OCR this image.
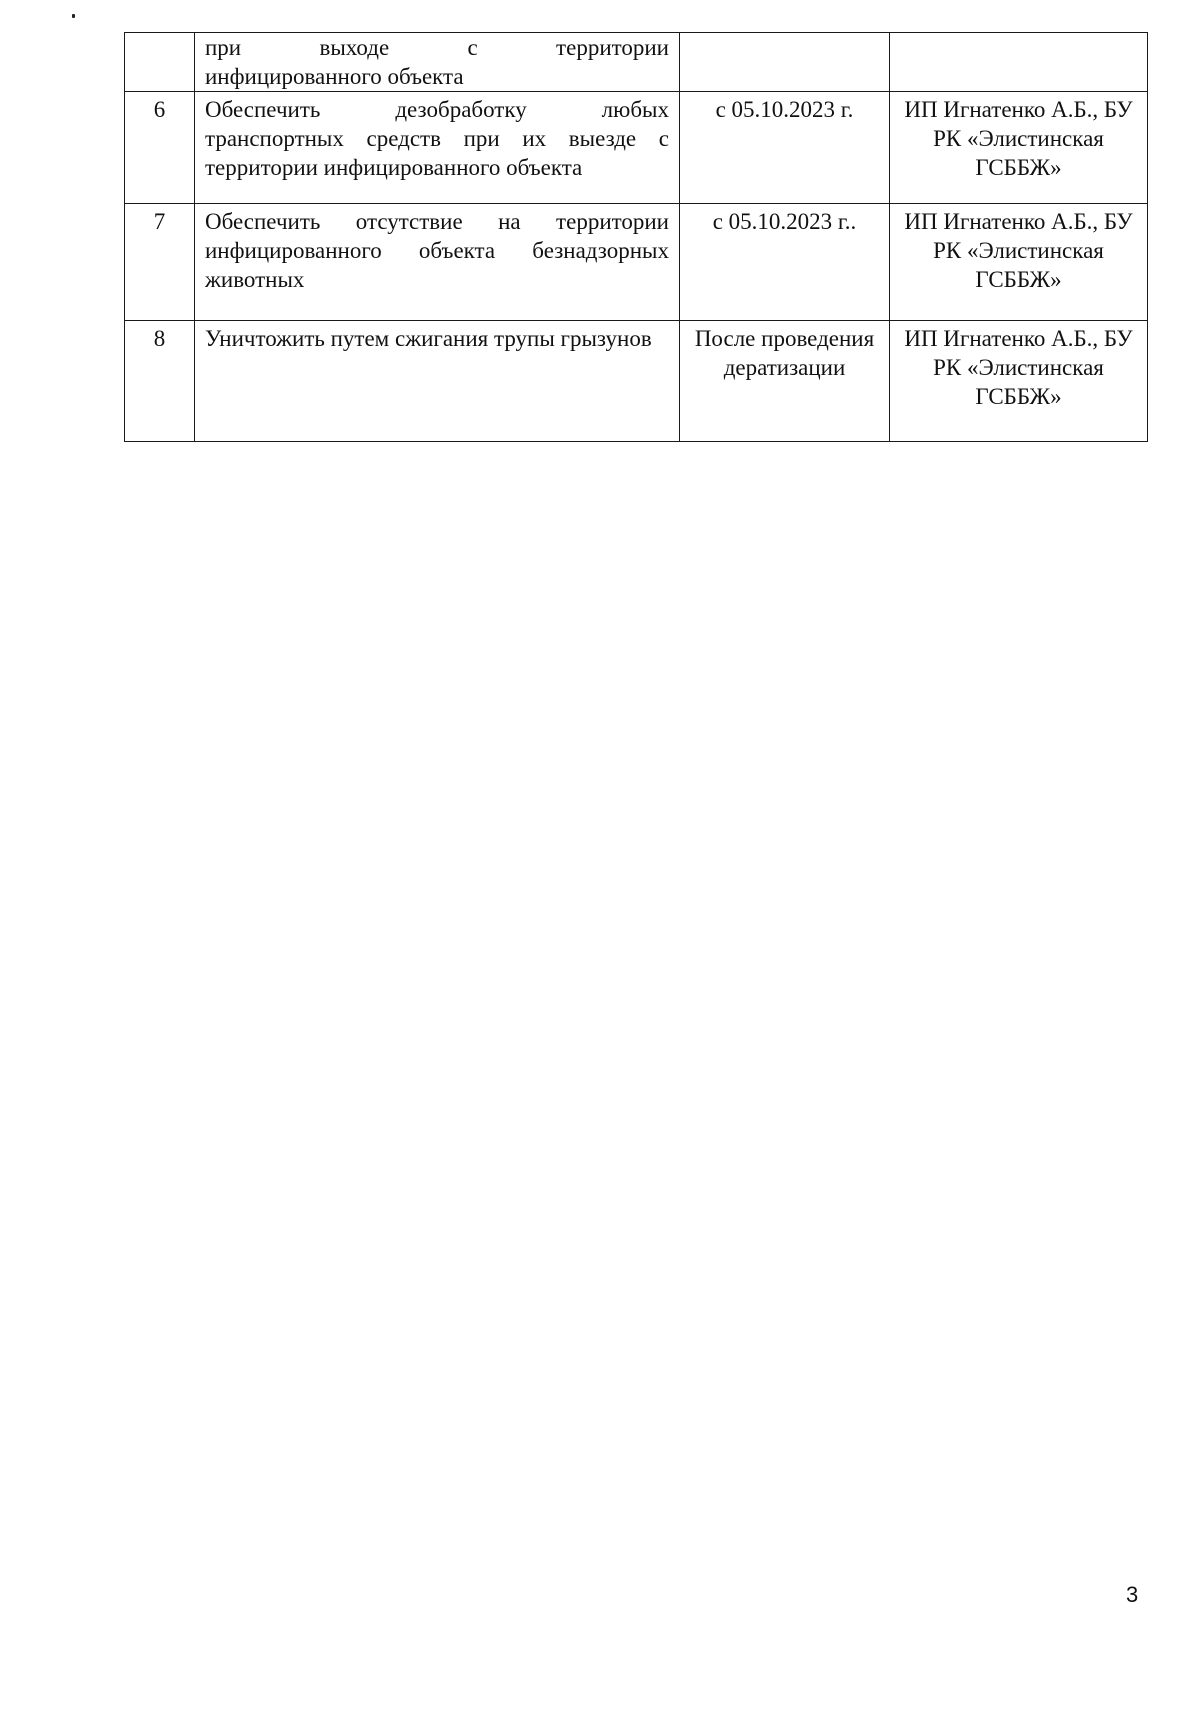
	при выходе с территории
инфицированного объекта		

6	Обеспечить дезобработку любых транспортных средств при их выезде с территории инфицированного объекта	с 05.10.2023 г.	ИП Игнатенко А.Б., БУ РК «Элистинская ГСББЖ»
7	Обеспечить отсутствие на территории инфицированного объекта безнадзорных животных	с 05.10.2023 г..	ИП Игнатенко А.Б., БУ РК «Элистинская ГСББЖ»
8	Уничтожить путем сжигания трупы грызунов	После проведения дератизации	ИП Игнатенко А.Б., БУ РК «Элистинская ГСББЖ»
3
